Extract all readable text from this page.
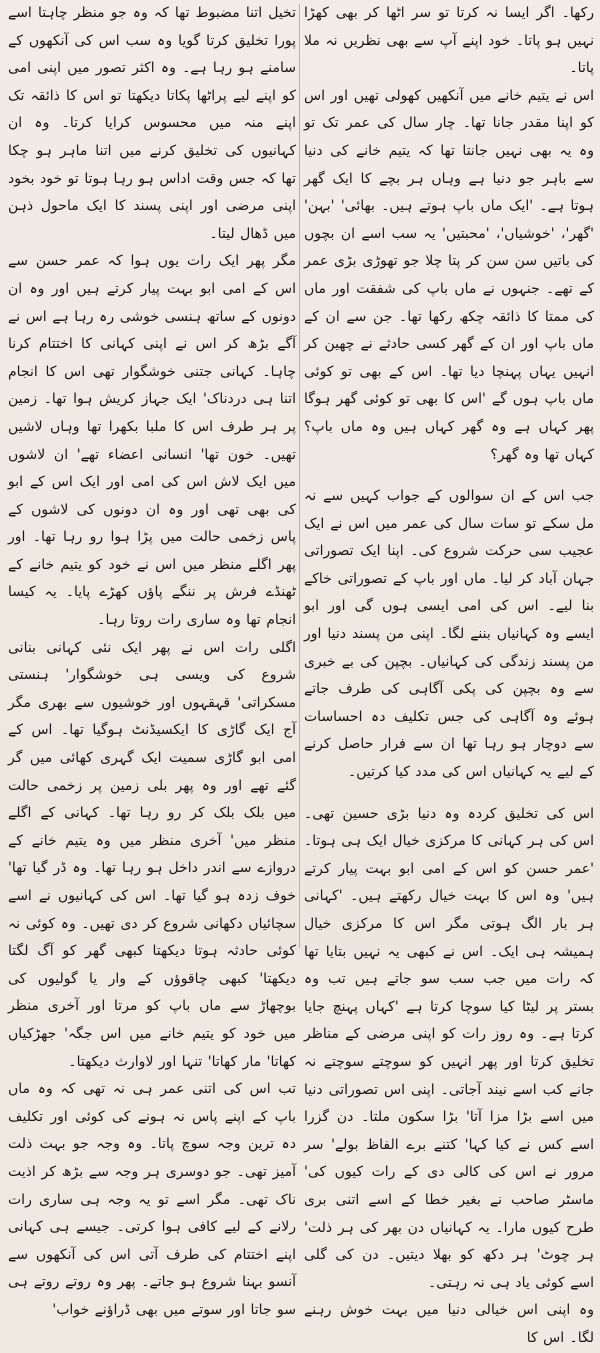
رکھا۔ اگر ایسا نہ کرتا تو سر اٹھا کر بھی کھڑا نہیں ہو پاتا۔ خود اپنے آپ سے بھی نظریں نہ ملا پاتا۔

اس نے یتیم خانے میں آنکھیں کھولی تھیں اور اس کو اپنا مقدر جانا تھا۔ چار سال کی عمر تک تو وہ یہ بھی نہیں جانتا تھا کہ یتیم خانے کی دنیا سے باہر جو دنیا ہے وہاں ہر بچے کا ایک گھر ہوتا ہے۔ 'ایک ماں باپ ہوتے ہیں۔ بھائی' 'بہن' 'گھر'، 'خوشیاں'، 'محبتیں' یہ سب اسے ان بچوں کی باتیں سن سن کر پتا چلا جو تھوڑی بڑی عمر کے تھے۔ جنہوں نے ماں باپ کی شفقت اور ماں کی ممتا کا ذائقہ چکھ رکھا تھا۔ جن سے ان کے ماں باپ اور ان کے گھر کسی حادثے نے چھین کر انہیں یہاں پہنچا دیا تھا۔ اس کے بھی تو کوئی ماں باپ ہوں گے 'اس کا بھی تو کوئی گھر ہوگا پھر کہاں ہے وہ گھر کہاں ہیں وہ ماں باپ؟ کہاں تھا وہ گھر؟

جب اس کے ان سوالوں کے جواب کہیں سے نہ مل سکے تو سات سال کی عمر میں اس نے ایک عجیب سی حرکت شروع کی۔ اپنا ایک تصوراتی جہان آباد کر لیا۔ ماں اور باپ کے تصوراتی خاکے بنا لیے۔ اس کی امی ایسی ہوں گی اور ابو ایسے وہ کہانیاں بننے لگا۔ اپنی من پسند دنیا اور من پسند زندگی کی کہانیاں۔ بچپن کی بے خبری سے وہ بچپن کی پکی آگاہی کی طرف جاتے ہوئے وہ آگاہی کی جس تکلیف دہ احساسات سے دوچار ہو رہا تھا ان سے فرار حاصل کرنے کے لیے یہ کہانیاں اس کی مدد کیا کرتیں۔

اس کی تخلیق کردہ وہ دنیا بڑی حسین تھی۔ اس کی ہر کہانی کا مرکزی خیال ایک ہی ہوتا۔ 'عمر حسن کو اس کے امی ابو بہت پیار کرتے ہیں' وہ اس کا بہت خیال رکھتے ہیں۔ 'کہانی ہر بار الگ ہوتی مگر اس کا مرکزی خیال ہمیشہ ہی ایک۔ اس نے کبھی یہ نہیں بتایا تھا کہ رات میں جب سب سو جاتے ہیں تب وہ بستر پر لیٹا کیا سوچا کرتا ہے 'کہاں پہنچ جایا کرتا ہے۔ وہ روز رات کو اپنی مرضی کے مناظر تخلیق کرتا اور پھر انہیں کو سوچتے سوچتے نہ جانے کب اسے نیند آجاتی۔ اپنی اس تصوراتی دنیا میں اسے بڑا مزا آتا' بڑا سکون ملتا۔ دن گزرا اسے کس نے کیا کہا' کتنے برے الفاظ بولے' سر مرور نے اس کی کالی دی کے رات کیوں کی' ماسٹر صاحب نے بغیر خطا کے اسے اتنی بری طرح کیوں مارا۔ یہ کہانیاں دن بھر کی ہر ذلت' ہر چوٹ' ہر دکھ کو بھلا دیتیں۔ دن کی گلی اسے کوئی یاد ہی نہ رہتی۔

وہ اپنی اس خیالی دنیا میں بہت خوش رہنے لگا۔ اس کا

تخیل اتنا مضبوط تھا کہ وہ جو منظر چاہتا اسے پورا تخلیق کرتا گویا وہ سب اس کی آنکھوں کے سامنے ہو رہا ہے۔ وہ اکثر تصور میں اپنی امی کو اپنے لیے پراٹھا پکاتا دیکھتا تو اس کا ذائقہ تک اپنے منہ میں محسوس کرایا کرتا۔ وہ ان کہانیوں کی تخلیق کرنے میں اتنا ماہر ہو چکا تھا کہ جس وقت اداس ہو رہا ہوتا تو خود بخود اپنی مرضی اور اپنی پسند کا ایک ماحول ذہن میں ڈھال لیتا۔

مگر پھر ایک رات یوں ہوا کہ عمر حسن سے اس کے امی ابو بہت پیار کرتے ہیں اور وہ ان دونوں کے ساتھ ہنسی خوشی رہ رہا ہے اس نے آگے بڑھ کر اس نے اپنی کہانی کا اختتام کرنا چاہا۔ کہانی جتنی خوشگوار تھی اس کا انجام اتنا ہی دردناک' ایک جہاز کریش ہوا تھا۔ زمین پر ہر طرف اس کا ملبا بکھرا تھا وہاں لاشیں تھیں۔ خون تھا' انسانی اعضاء تھے' ان لاشوں میں ایک لاش اس کی امی اور ایک اس کے ابو کی بھی تھی اور وہ ان دونوں کی لاشوں کے پاس زخمی حالت میں پڑا ہوا رو رہا تھا۔ اور پھر اگلے منظر میں اس نے خود کو یتیم خانے کے ٹھنڈے فرش پر ننگے پاؤں کھڑے پایا۔ یہ کیسا انجام تھا وہ ساری رات روتا رہا۔

اگلی رات اس نے پھر ایک نئی کہانی بنانی شروع کی ویسی ہی خوشگوار' ہنستی مسکراتی' قہقہوں اور خوشیوں سے بھری مگر آج ایک گاڑی کا ایکسیڈنٹ ہوگیا تھا۔ اس کے امی ابو گاڑی سمیت ایک گہری کھائی میں گر گئے تھے اور وہ پھر بلی زمین پر زخمی حالت میں بلک بلک کر رو رہا تھا۔ کہانی کے اگلے منظر میں' آخری منظر میں وہ یتیم خانے کے دروازے سے اندر داخل ہو رہا تھا۔ وہ ڈر گیا تھا' خوف زدہ ہو گیا تھا۔ اس کی کہانیوں نے اسے سچائیاں دکھانی شروع کر دی تھیں۔ وہ کوئی نہ کوئی حادثہ ہوتا دیکھتا کبھی گھر کو آگ لگتا دیکھتا' کبھی چاقوؤں کے وار یا گولیوں کی بوچھاڑ سے ماں باپ کو مرتا اور آخری منظر میں خود کو یتیم خانے میں اس جگہ' جھڑکیاں کھاتا' مار کھاتا' تنہا اور لاوارث دیکھتا۔

تب اس کی اتنی عمر ہی نہ تھی کہ وہ ماں باپ کے اپنے پاس نہ ہونے کی کوئی اور تکلیف دہ ترین وجہ سوچ پاتا۔ وہ وجہ جو بہت ذلت آمیز تھی۔ جو دوسری ہر وجہ سے بڑھ کر اذیت ناک تھی۔ مگر اسے تو یہ وجہ ہی ساری رات رلانے کے لیے کافی ہوا کرتی۔ جیسے ہی کہانی اپنے اختتام کی طرف آتی اس کی آنکھوں سے آنسو بہنا شروع ہو جاتے۔ پھر وہ روتے روتے ہی سو جاتا اور سوتے میں بھی ڈراؤنے خواب'
